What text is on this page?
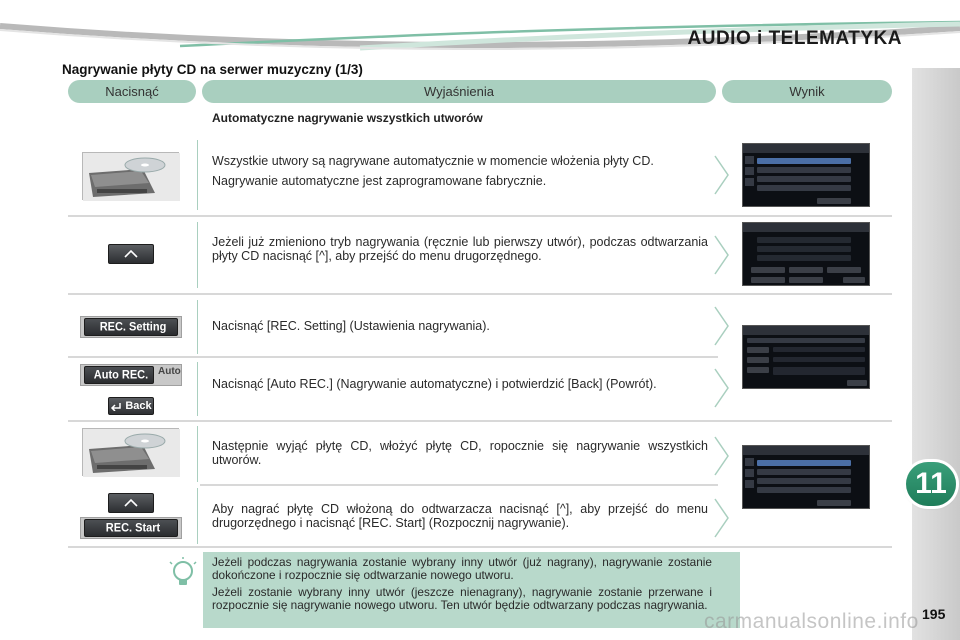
AUDIO i TELEMATYKA
Nagrywanie płyty CD na serwer muzyczny (1/3)
Nacisnąć	Wyjaśnienia	Wynik
Automatyczne nagrywanie wszystkich utworów

Wszystkie utwory są nagrywane automatycznie w momencie włożenia płyty CD.

Nagrywanie automatyczne jest zaprogramowane fabrycznie.

Jeżeli już zmieniono tryb nagrywania (ręcznie lub pierwszy utwór), podczas odtwarzania płyty CD nacisnąć [^], aby przejść do menu drugorzędnego.

Nacisnąć [REC. Setting] (Ustawienia nagrywania).

Nacisnąć [Auto REC.] (Nagrywanie automatyczne) i potwierdzić [Back] (Powrót).

Następnie wyjąć płytę CD, włożyć płytę CD, ropocznie się nagrywanie wszystkich utworów.

Aby nagrać płytę CD włożoną do odtwarzacza nacisnąć [^], aby przejść do menu drugorzędnego i nacisnąć [REC. Start] (Rozpocznij nagrywanie).

REC. Setting
Auto REC. Auto
Back
REC. Start

Jeżeli podczas nagrywania zostanie wybrany inny utwór (już nagrany), nagrywanie zostanie dokończone i rozpocznie się odtwarzanie nowego utworu.

Jeżeli zostanie wybrany inny utwór (jeszcze nienagrany), nagrywanie zostanie przerwane i rozpocznie się nagrywanie nowego utworu. Ten utwór będzie odtwarzany podczas nagrywania.

11
carmanualsonline.info 195
